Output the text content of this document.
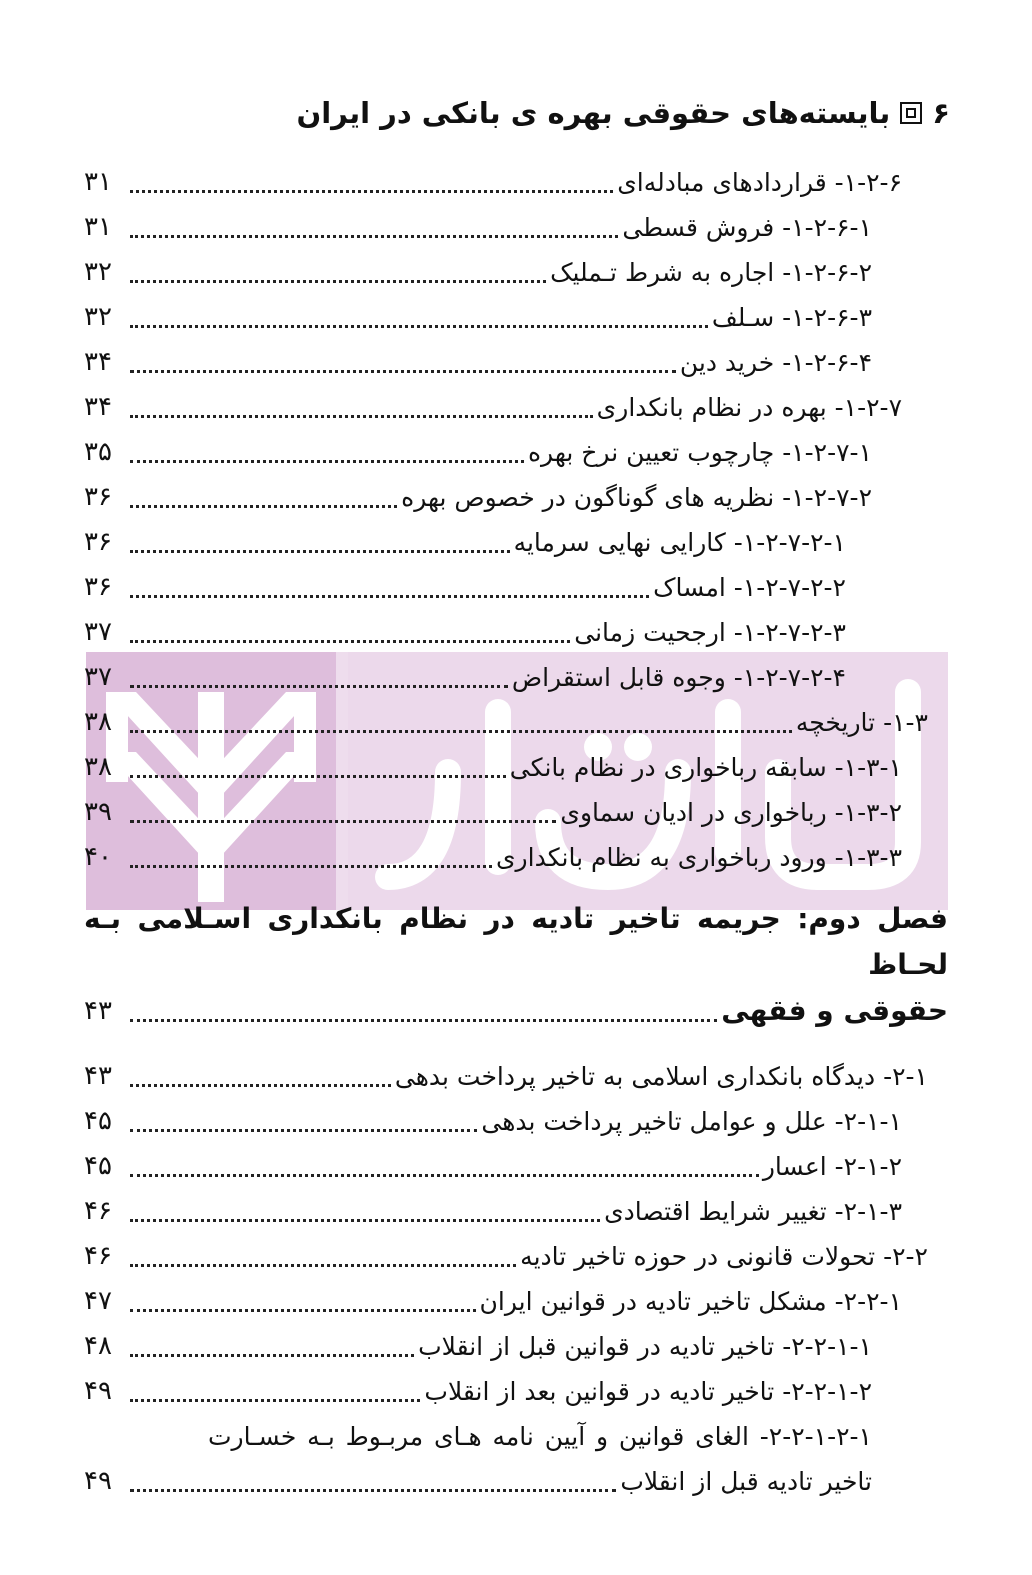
۶
بایسته‌های حقوقی بهره ی بانکی در ایران
۱-۲-۶- قراردادهای مبادله‌ای
۳۱
۱-۲-۶-۱- فروش قسطی
۳۱
۱-۲-۶-۲- اجاره به شرط تـملیک
۳۲
۱-۲-۶-۳- سـلف
۳۲
۱-۲-۶-۴- خرید دین
۳۴
۱-۲-۷- بهره در نظام بانکداری
۳۴
۱-۲-۷-۱- چارچوب تعیین نرخ بهره
۳۵
۱-۲-۷-۲- نظریه های گوناگون در خصوص بهره
۳۶
۱-۲-۷-۲-۱- کارایی نهایی سرمایه
۳۶
۱-۲-۷-۲-۲- امساک
۳۶
۱-۲-۷-۲-۳- ارجحیت زمانی
۳۷
۱-۲-۷-۲-۴- وجوه قابل استقراض
۳۷
۱-۳- تاریخچه
۳۸
۱-۳-۱- سابقه رباخواری در نظام بانکی
۳۸
۱-۳-۲- رباخواری در ادیان سماوی
۳۹
۱-۳-۳- ورود رباخواری به نظام بانکداری
۴۰
فصل دوم: جریمه تاخیر تادیه در نظام بانکداری اسـلامی بـه لحـاظ
حقوقی و فقهی
۴۳
۲-۱- دیدگاه بانکداری اسلامی به تاخیر پرداخت بدهی
۴۳
۲-۱-۱- علل و عوامل تاخیر پرداخت بدهی
۴۵
۲-۱-۲- اعسار
۴۵
۲-۱-۳- تغییر شرایط اقتصادی
۴۶
۲-۲- تحولات قانونی در حوزه تاخیر تادیه
۴۶
۲-۲-۱- مشکل تاخیر تادیه در قوانین ایران
۴۷
۲-۲-۱-۱- تاخیر تادیه در قوانین قبل از انقلاب
۴۸
۲-۲-۱-۲- تاخیر تادیه در قوانین بعد از انقلاب
۴۹
۲-۲-۱-۲-۱- الغای قوانین و آیین نامه هـای مربـوط بـه خسـارت
تاخیر تادیه قبل از انقلاب
۴۹
